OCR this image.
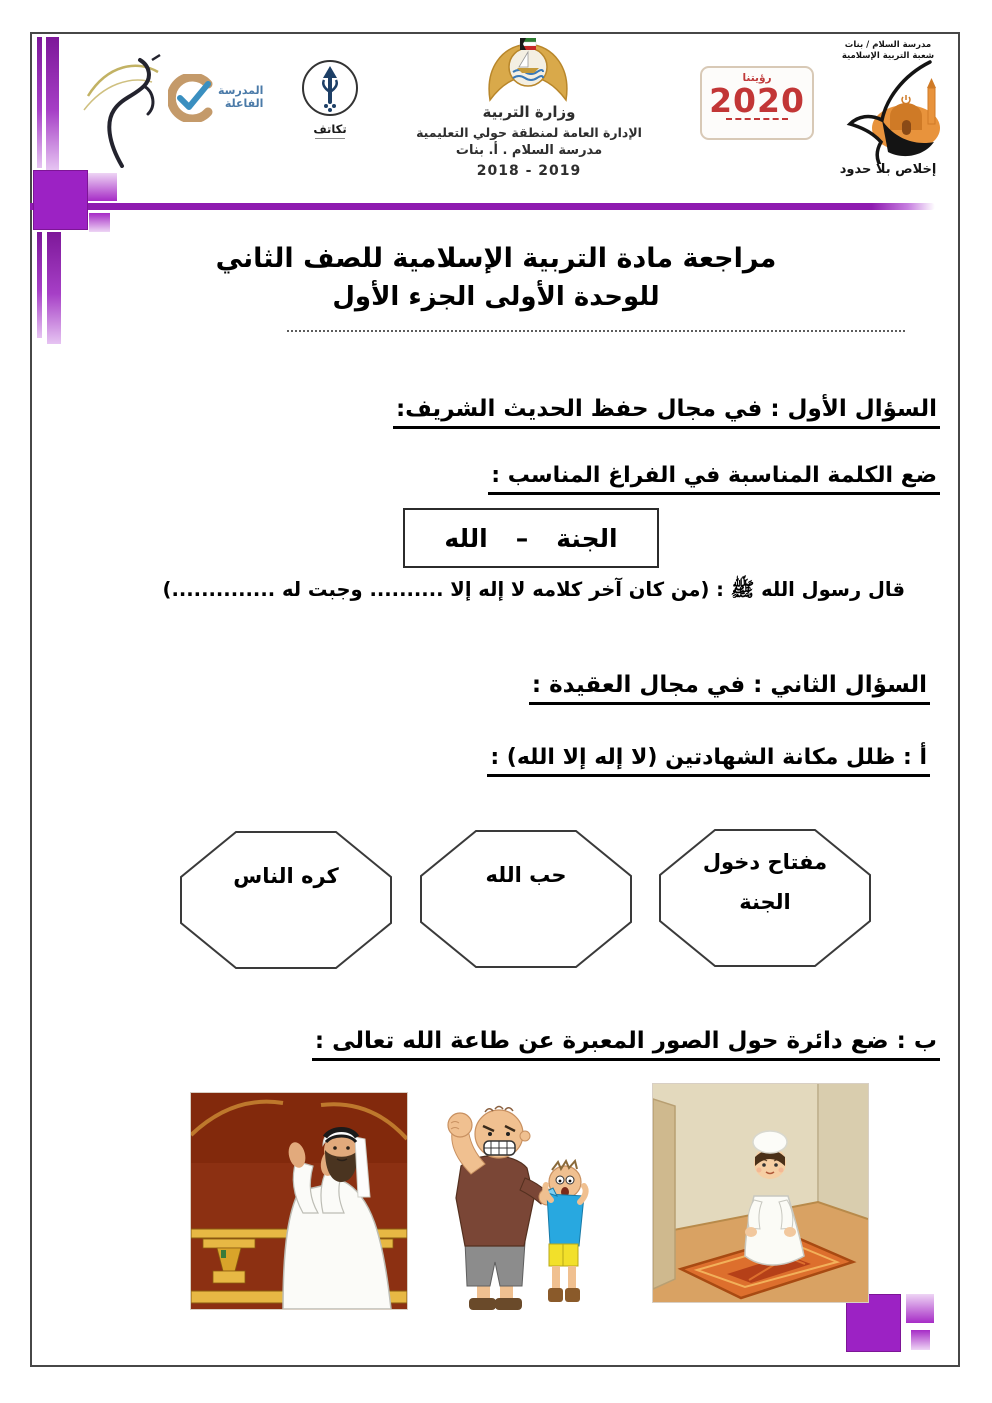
المدرسة
الفاعلة
تكاتف
وزارة التربية
الإدارة العامة لمنطقة حولي التعليمية
مدرسة السلام . أ. بنات
2018 - 2019
رؤيتنا
2020
مدرسة السلام / بنات
شعبة التربية الإسلامية
إخلاص بلا حدود
مراجعة مادة التربية الإسلامية للصف الثاني
للوحدة الأولى الجزء الأول
السؤال الأول : في مجال حفظ الحديث الشريف:
ضع الكلمة المناسبة في الفراغ المناسب :
الجنة
–
الله
قال رسول الله ﷺ : (من كان آخر كلامه لا إله إلا .......... وجبت له ..............)
السؤال الثاني : في مجال العقيدة :
أ : ظلل مكانة الشهادتين (لا إله إلا الله) :
مفتاح دخول
الجنة
حب الله
كره الناس
ب : ضع دائرة حول الصور المعبرة عن طاعة الله تعالى :
